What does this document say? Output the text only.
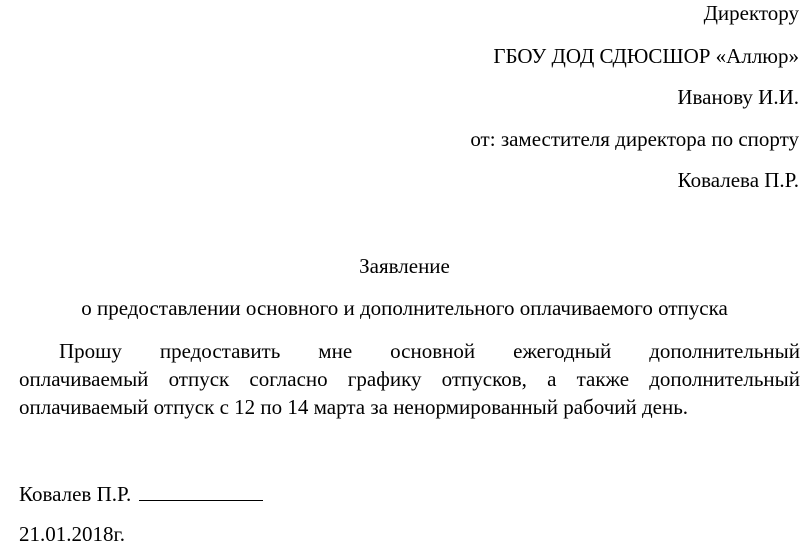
Директору
ГБОУ ДОД СДЮСШОР «Аллюр»
Иванову И.И.
от: заместителя директора по спорту
Ковалева П.Р.
Заявление
о предоставлении основного и дополнительного оплачиваемого отпуска
Прошу предоставить мне основной ежегодный дополнительный
оплачиваемый отпуск согласно графику отпусков, а также дополнительный
оплачиваемый отпуск с 12 по 14 марта за ненормированный рабочий день.
Ковалев П.Р.
21.01.2018г.
